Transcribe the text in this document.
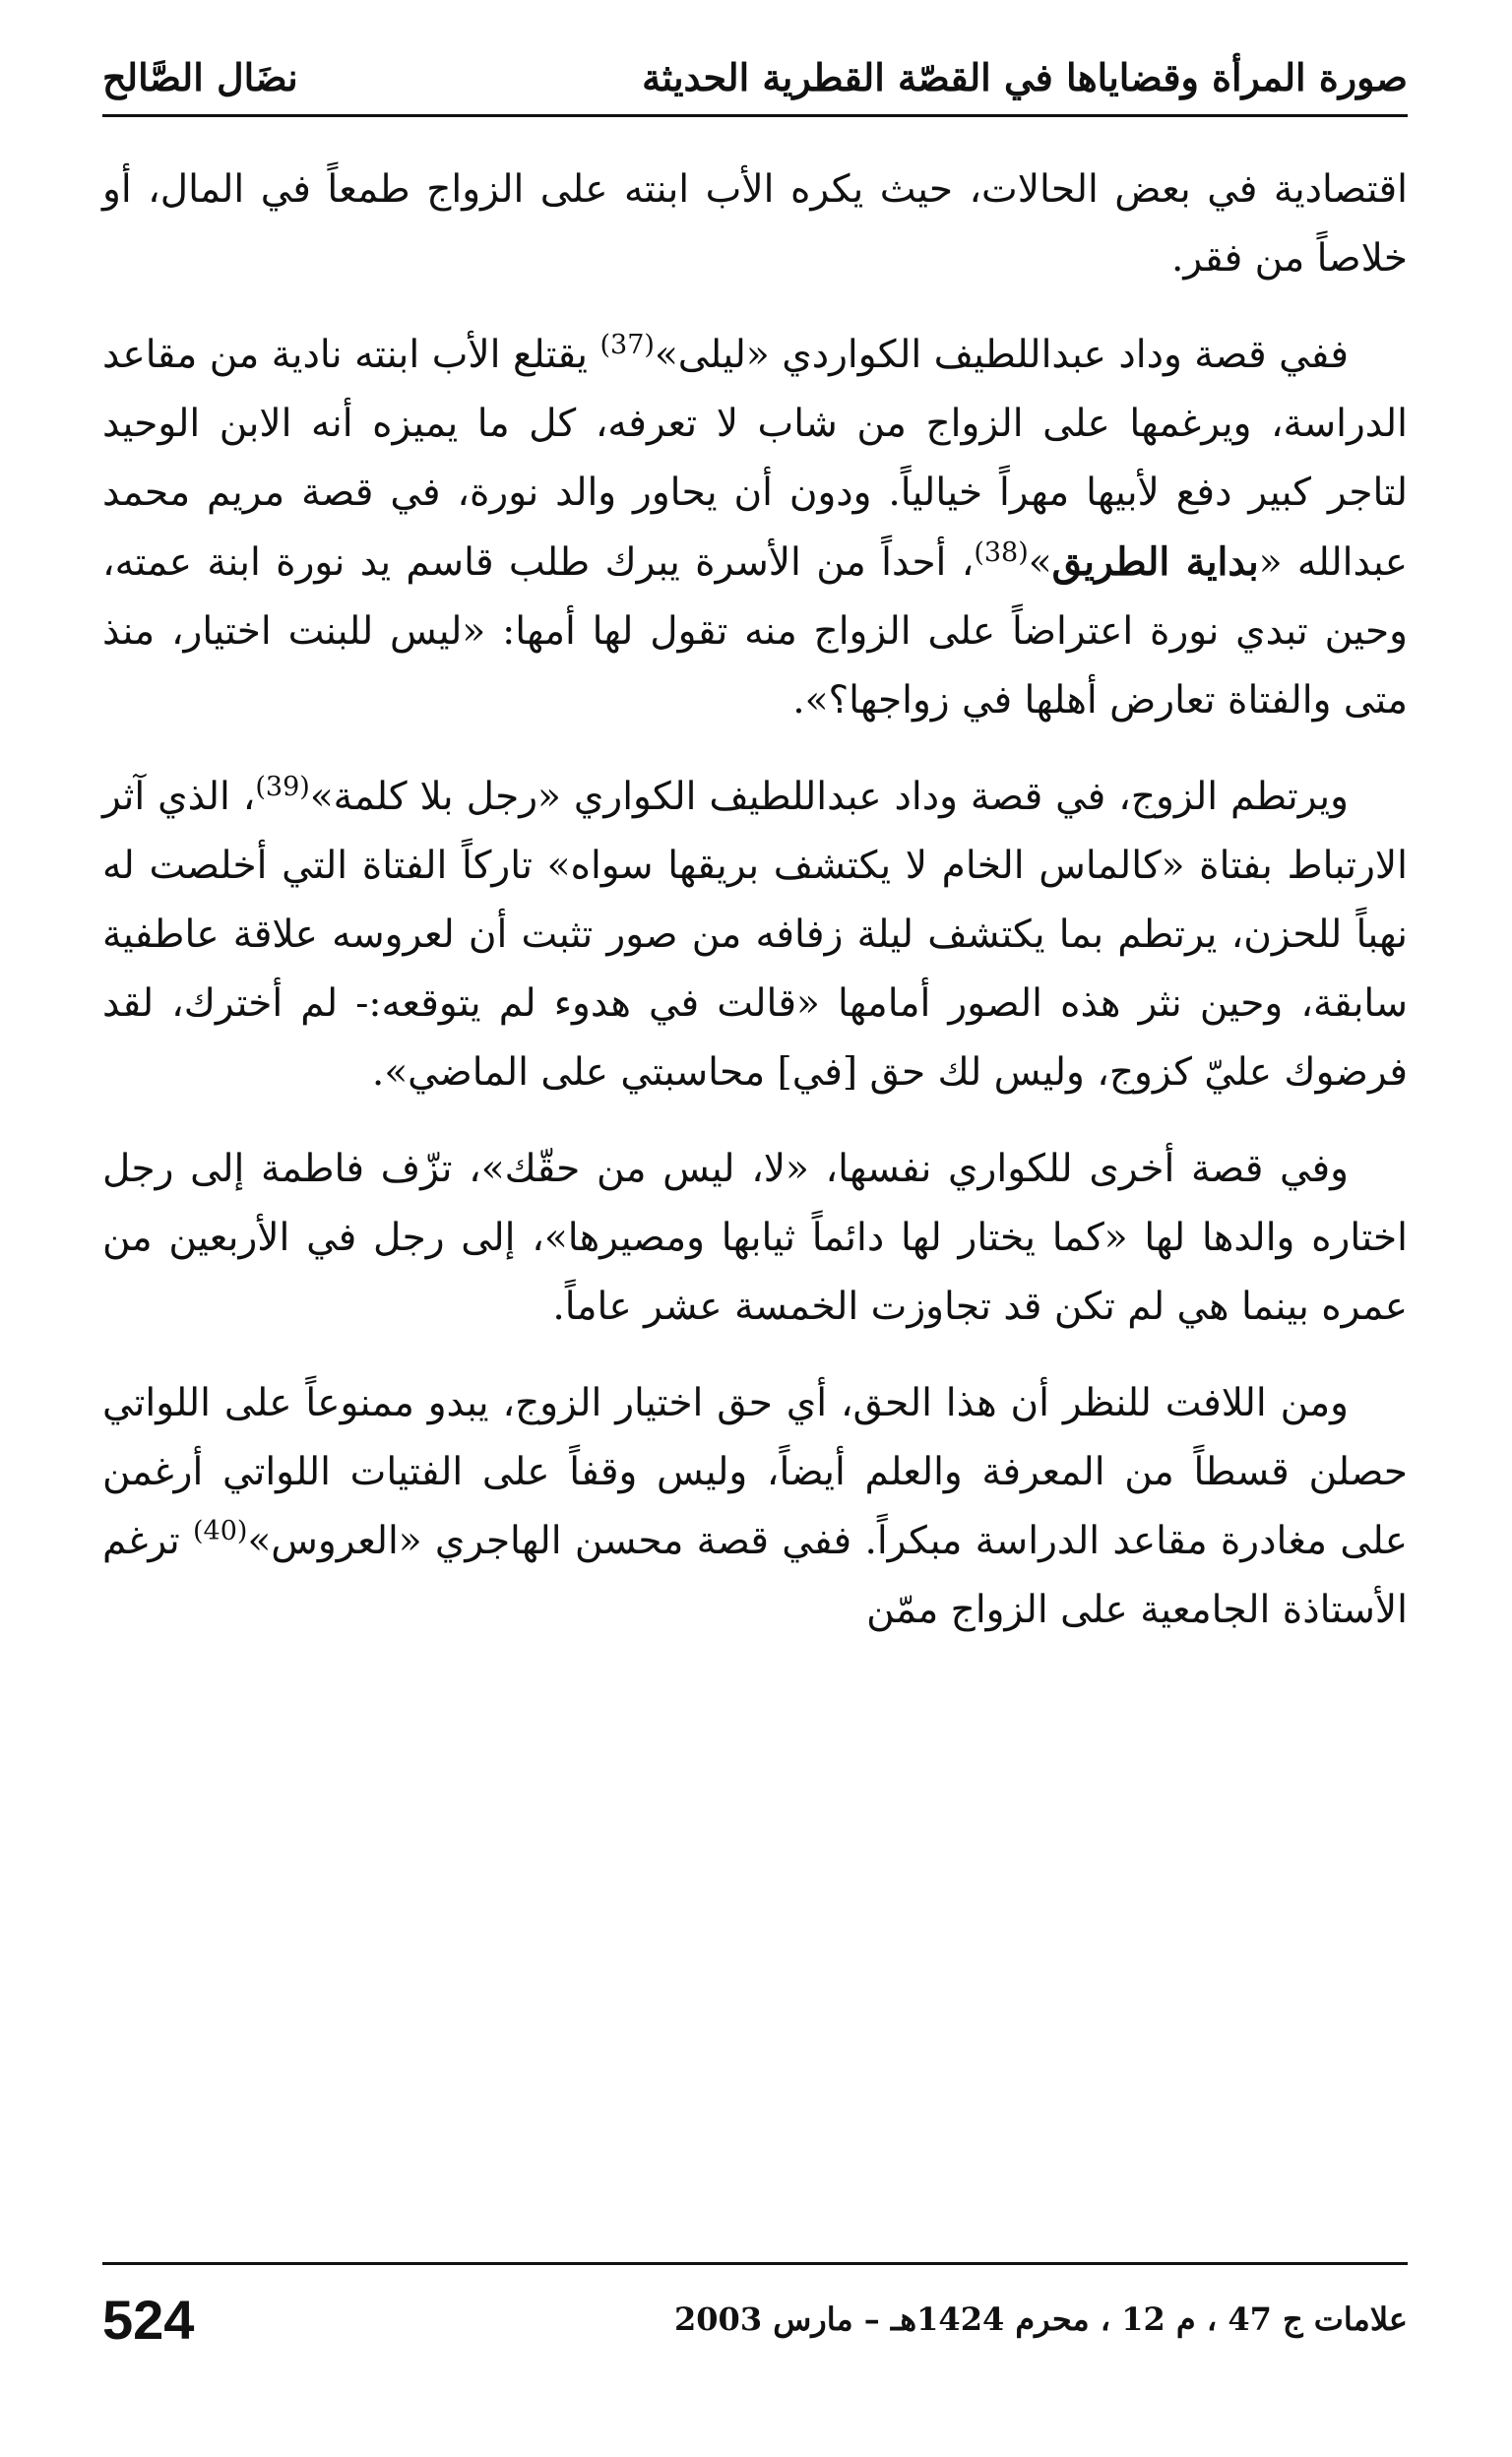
صورة المرأة وقضاياها في القصّة القطرية الحديثة
نضَال الصَّالح

اقتصادية في بعض الحالات، حيث يكره الأب ابنته على الزواج طمعاً في المال، أو خلاصاً من فقر.

ففي قصة وداد عبداللطيف الكواردي «ليلى»$^{(37)}$ يقتلع الأب ابنته نادية من مقاعد الدراسة، ويرغمها على الزواج من شاب لا تعرفه، كل ما يميزه أنه الابن الوحيد لتاجر كبير دفع لأبيها مهراً خيالياً. ودون أن يحاور والد نورة، في قصة مريم محمد عبدالله «بداية الطريق»$^{(38)}$، أحداً من الأسرة يبرك طلب قاسم يد نورة ابنة عمته، وحين تبدي نورة اعتراضاً على الزواج منه تقول لها أمها: «ليس للبنت اختيار، منذ متى والفتاة تعارض أهلها في زواجها؟».

ويرتطم الزوج، في قصة وداد عبداللطيف الكواري «رجل بلا كلمة»$^{(39)}$، الذي آثر الارتباط بفتاة «كالماس الخام لا يكتشف بريقها سواه» تاركاً الفتاة التي أخلصت له نهباً للحزن، يرتطم بما يكتشف ليلة زفافه من صور تثبت أن لعروسه علاقة عاطفية سابقة، وحين نثر هذه الصور أمامها «قالت في هدوء لم يتوقعه:- لم أخترك، لقد فرضوك عليّ كزوج، وليس لك حق [في] محاسبتي على الماضي».

وفي قصة أخرى للكواري نفسها، «لا، ليس من حقّك»، تزّف فاطمة إلى رجل اختاره والدها لها «كما يختار لها دائماً ثيابها ومصيرها»، إلى رجل في الأربعين من عمره بينما هي لم تكن قد تجاوزت الخمسة عشر عاماً.

ومن اللافت للنظر أن هذا الحق، أي حق اختيار الزوج، يبدو ممنوعاً على اللواتي حصلن قسطاً من المعرفة والعلم أيضاً، وليس وقفاً على الفتيات اللواتي أرغمن على مغادرة مقاعد الدراسة مبكراً. ففي قصة محسن الهاجري «العروس»$^{(40)}$ ترغم الأستاذة الجامعية على الزواج ممّن

علامات ج 47 ، م 12 ، محرم 1424هـ – مارس 2003
524
